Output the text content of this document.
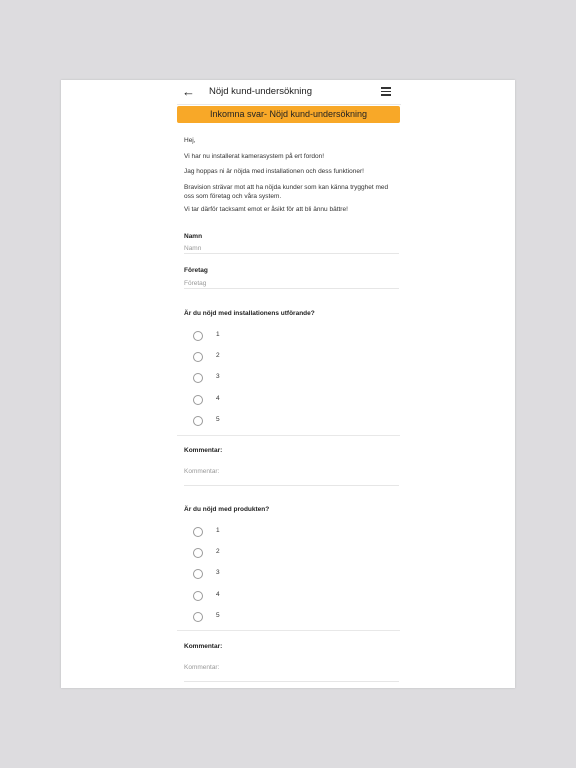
← Nöjd kund-undersökning
Inkomna svar- Nöjd kund-undersökning
Hej,
Vi har nu installerat kamerasystem på ert fordon!
Jag hoppas ni är nöjda med installationen och dess funktioner!
Bravision strävar mot att ha nöjda kunder som kan känna trygghet med oss som företag och våra system.
Vi tar därför tacksamt emot er åsikt för att bli ännu bättre!
Namn
Namn
Företag
Företag
Är du nöjd med installationens utförande?
1
2
3
4
5
Kommentar:
Kommentar:
Är du nöjd med produkten?
1
2
3
4
5
Kommentar:
Kommentar:
